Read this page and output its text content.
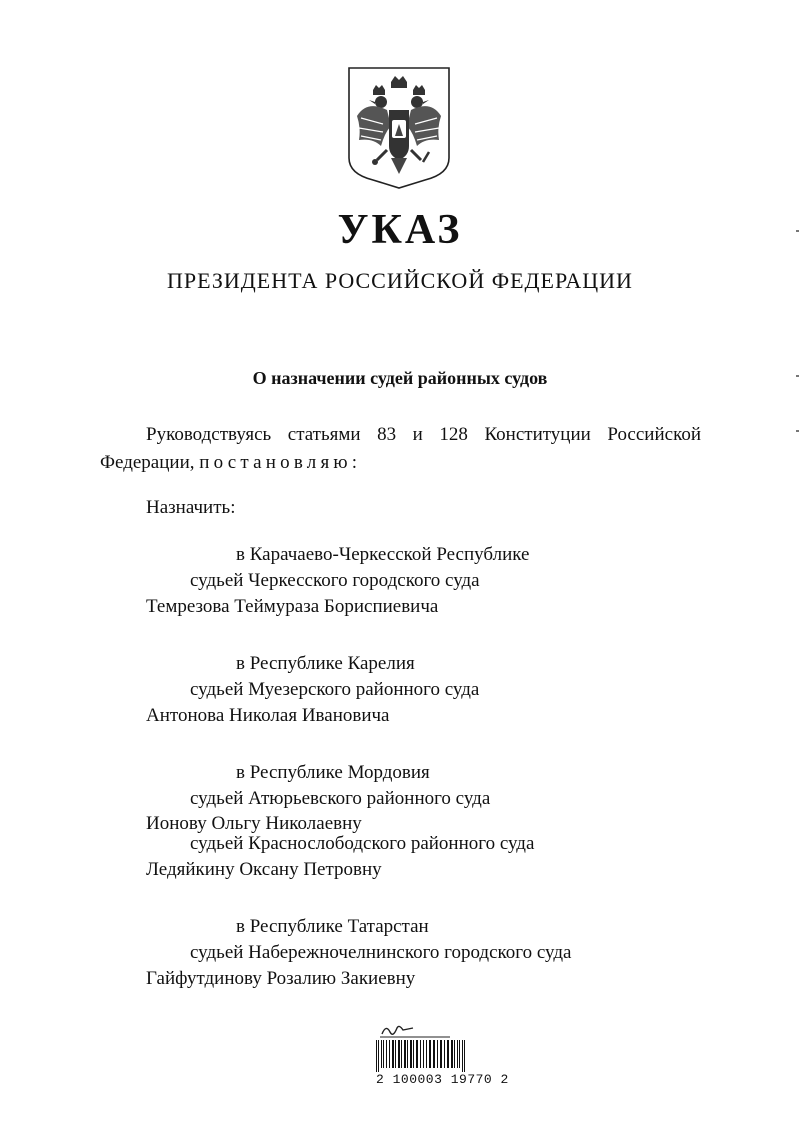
УКАЗ
ПРЕЗИДЕНТА РОССИЙСКОЙ ФЕДЕРАЦИИ
О назначении судей районных судов
Руководствуясь статьями 83 и 128 Конституции Российской
Федерации, постановляю:
Назначить:
в Карачаево-Черкесской Республике
судьей Черкесского городского суда
Темрезова Теймураза Бориспиевича
в Республике Карелия
судьей Муезерского районного суда
Антонова Николая Ивановича
в Республике Мордовия
судьей Атюрьевского районного суда
Ионову Ольгу Николаевну
судьей Краснослободского районного суда
Ледяйкину Оксану Петровну
в Республике Татарстан
судьей Набережночелнинского городского суда
Гайфутдинову Розалию Закиевну
2 100003 19770 2
